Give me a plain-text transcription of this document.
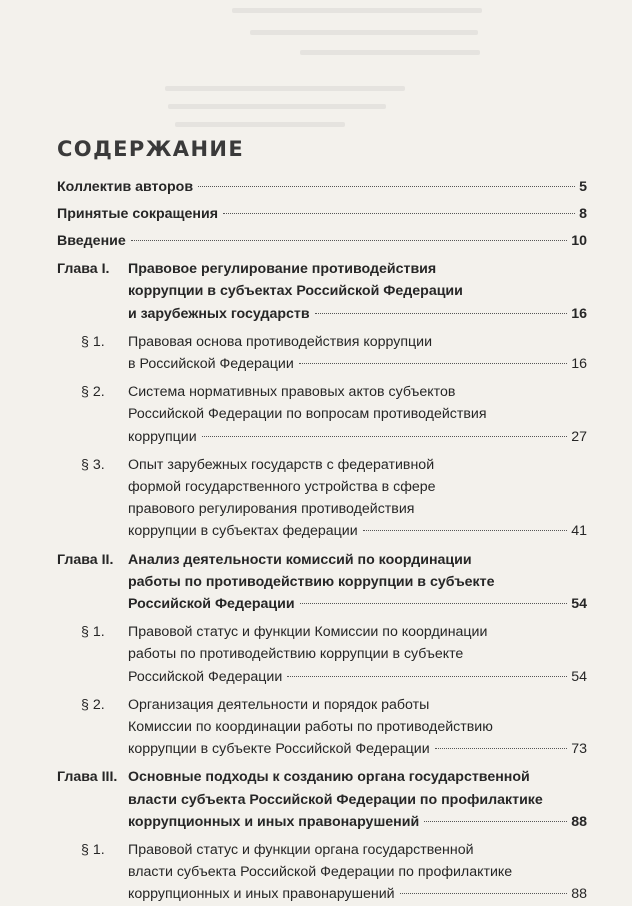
СОДЕРЖАНИЕ
Коллектив авторов	5
Принятые сокращения	8
Введение	10
Глава I.	Правовое регулирование противодействия
коррупции в субъектах Российской Федерации
и зарубежных государств	16
§ 1.	Правовая основа противодействия коррупции
в Российской Федерации	16
§ 2.	Система нормативных правовых актов субъектов
Российской Федерации по вопросам противодействия
коррупции	27
§ 3.	Опыт зарубежных государств с федеративной
формой государственного устройства в сфере
правового регулирования противодействия
коррупции в субъектах федерации	41
Глава II.	Анализ деятельности комиссий по координации
работы по противодействию коррупции в субъекте
Российской Федерации	54
§ 1.	Правовой статус и функции Комиссии по координации
работы по противодействию коррупции в субъекте
Российской Федерации	54
§ 2.	Организация деятельности и порядок работы
Комиссии по координации работы по противодействию
коррупции в субъекте Российской Федерации	73
Глава III. Основные подходы к созданию органа государственной
власти субъекта Российской Федерации по профилактике
коррупционных и иных правонарушений	88
§ 1.	Правовой статус и функции органа государственной
власти субъекта Российской Федерации по профилактике
коррупционных и иных правонарушений	88
